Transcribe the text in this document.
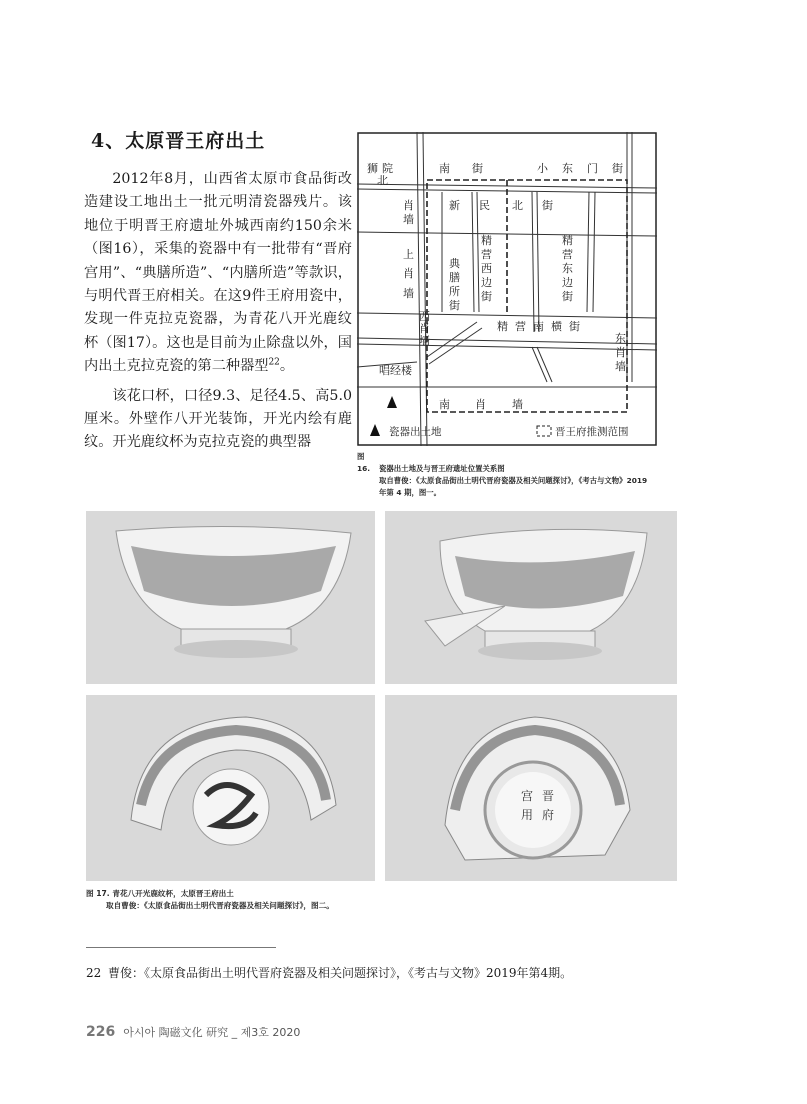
4、太原晋王府出土

2012年8月，山西省太原市食品街改造建设工地出土一批元明清瓷器残片。该地位于明晋王府遗址外城西南约150余米（图16），采集的瓷器中有一批带有“晋府宫用”、“典膳所造”、“内膳所造”等款识，与明代晋王府相关。在这9件王府用瓷中，发现一件克拉克瓷器，为青花八开光鹿纹杯（图17）。这也是目前为止除盘以外，国内出土克拉克瓷的第二种器型$^{22}$。

该花口杯，口径9.3、足径4.5、高5.0厘米。外壁作八开光装饰，开光内绘有鹿纹。开光鹿纹杯为克拉克瓷的典型器

狮 院
北
南 街	小 东 门 街
新 民 北 街
肖
墙
上
肖
墙
典
膳
所
街
精
营
西
边
街
精
营
东
边
街
西
肖
墙
精 营 南 横 街
唱经楼
东
肖
墙
南 肖 墙
瓷器出土地	晋王府推测范围
图 16. 瓷器出土地及与晋王府遗址位置关系图
取自曹俊：《太原食品街出土明代晋府瓷器及相关问题探讨》，《考古与文物》2019
年第 4 期，图一。
晋
府
宫
用
图 17. 青花八开光鹿纹杯，太原晋王府出土
取自曹俊：《太原食品街出土明代晋府瓷器及相关问题探讨》，图二。
22 曹俊：《太原食品街出土明代晋府瓷器及相关问题探讨》，《考古与文物》2019年第4期。
226 아시아 陶磁文化 研究 _ 제3호 2020
